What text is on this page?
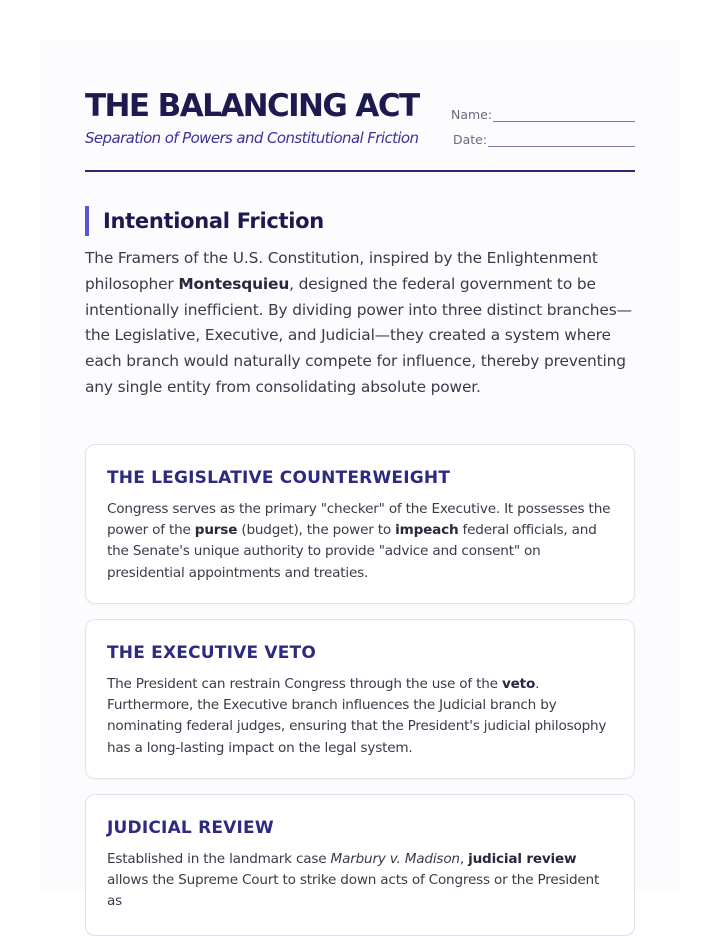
THE BALANCING ACT
Separation of Powers and Constitutional Friction
Name:
Date:
Intentional Friction

The Framers of the U.S. Constitution, inspired by the Enlightenment philosopher Montesquieu, designed the federal government to be intentionally inefficient. By dividing power into three distinct branches—the Legislative, Executive, and Judicial—they created a system where each branch would naturally compete for influence, thereby preventing any single entity from consolidating absolute power.

THE LEGISLATIVE COUNTERWEIGHT

Congress serves as the primary "checker" of the Executive. It possesses the power of the purse (budget), the power to impeach federal officials, and the Senate's unique authority to provide "advice and consent" on presidential appointments and treaties.

THE EXECUTIVE VETO

The President can restrain Congress through the use of the veto. Furthermore, the Executive branch influences the Judicial branch by nominating federal judges, ensuring that the President's judicial philosophy has a long-lasting impact on the legal system.

JUDICIAL REVIEW

Established in the landmark case Marbury v. Madison, judicial review allows the Supreme Court to strike down acts of Congress or the President as
